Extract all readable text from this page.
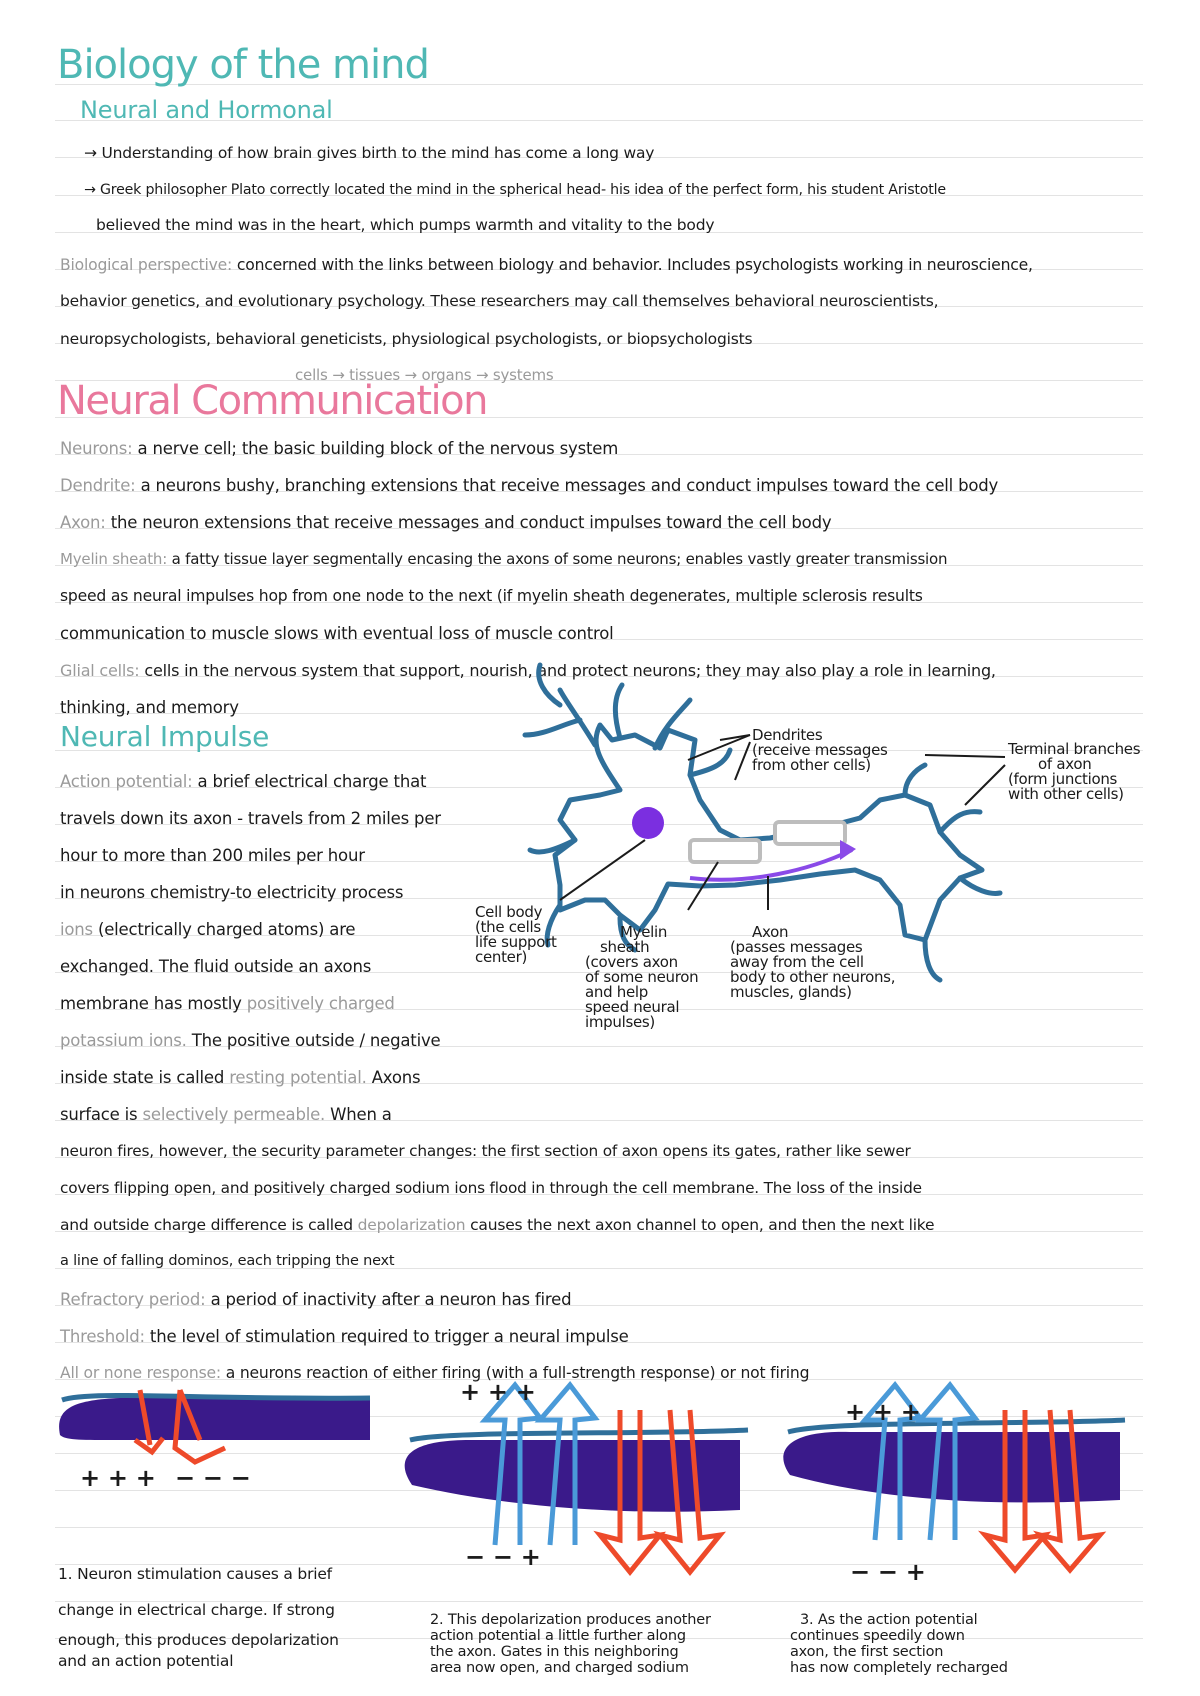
Biology of the mind
Neural and Hormonal
→ Understanding of how brain gives birth to the mind has come a long way
→ Greek philosopher Plato correctly located the mind in the spherical head- his idea of the perfect form, his student Aristotle
believed the mind was in the heart, which pumps warmth and vitality to the body
Biological perspective: concerned with the links between biology and behavior. Includes psychologists working in neuroscience,
behavior genetics, and evolutionary psychology. These researchers may call themselves behavioral neuroscientists,
neuropsychologists, behavioral geneticists, physiological psychologists, or biopsychologists
cells → tissues → organs → systems
Neural Communication
Neurons: a nerve cell; the basic building block of the nervous system
Dendrite: a neurons bushy, branching extensions that receive messages and conduct impulses toward the cell body
Axon: the neuron extensions that receive messages and conduct impulses toward the cell body
Myelin sheath: a fatty tissue layer segmentally encasing the axons of some neurons; enables vastly greater transmission
speed as neural impulses hop from one node to the next (if myelin sheath degenerates, multiple sclerosis results
communication to muscle slows with eventual loss of muscle control
Glial cells: cells in the nervous system that support, nourish, and protect neurons; they may also play a role in learning,
thinking, and memory
Neural Impulse
Action potential: a brief electrical charge that
travels down its axon - travels from 2 miles per
hour to more than 200 miles per hour
in neurons chemistry-to electricity process
ions (electrically charged atoms) are
exchanged. The fluid outside an axons
membrane has mostly positively charged
potassium ions. The positive outside / negative
inside state is called resting potential. Axons
surface is selectively permeable. When a
neuron fires, however, the security parameter changes: the first section of axon opens its gates, rather like sewer
covers flipping open, and positively charged sodium ions flood in through the cell membrane. The loss of the inside
and outside charge difference is called depolarization causes the next axon channel to open, and then the next like
a line of falling dominos, each tripping the next
Refractory period: a period of inactivity after a neuron has fired
Threshold: the level of stimulation required to trigger a neural impulse
All or none response: a neurons reaction of either firing (with a full-strength response) or not firing
+ + + − − −
+ + +
− − +
+ + +
− − +
Dendrites
(receive messages
from other cells)
Terminal branches
of axon
(form junctions
with other cells)
Cell body
(the cells
life support
center)
Myelin
sheath
(covers axon
of some neuron
and help
speed neural
impulses)
Axon
(passes messages
away from the cell
body to other neurons,
muscles, glands)
1. Neuron stimulation causes a brief
change in electrical charge. If strong
enough, this produces depolarization
and an action potential
2. This depolarization produces another
action potential a little further along
the axon. Gates in this neighboring
area now open, and charged sodium
3. As the action potential
continues speedily down
axon, the first section
has now completely recharged
